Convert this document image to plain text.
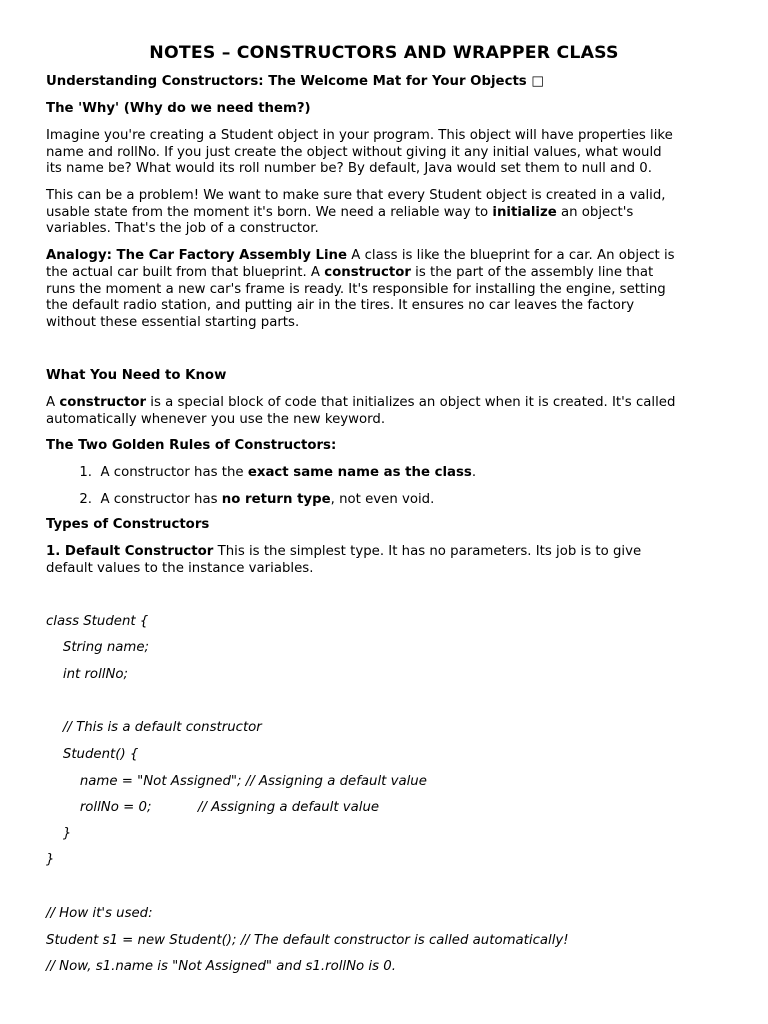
NOTES – CONSTRUCTORS AND WRAPPER CLASS
Understanding Constructors: The Welcome Mat for Your Objects □
The 'Why' (Why do we need them?)
Imagine you're creating a Student object in your program. This object will have properties like
name and rollNo. If you just create the object without giving it any initial values, what would
its name be? What would its roll number be? By default, Java would set them to null and 0.
This can be a problem! We want to make sure that every Student object is created in a valid,
usable state from the moment it's born. We need a reliable way to initialize an object's
variables. That's the job of a constructor.
Analogy: The Car Factory Assembly Line A class is like the blueprint for a car. An object is
the actual car built from that blueprint. A constructor is the part of the assembly line that
runs the moment a new car's frame is ready. It's responsible for installing the engine, setting
the default radio station, and putting air in the tires. It ensures no car leaves the factory
without these essential starting parts.
What You Need to Know
A constructor is a special block of code that initializes an object when it is created. It's called
automatically whenever you use the new keyword.
The Two Golden Rules of Constructors:
1. A constructor has the exact same name as the class.
2. A constructor has no return type, not even void.
Types of Constructors
1. Default Constructor This is the simplest type. It has no parameters. Its job is to give
default values to the instance variables.
class Student {
String name;
int rollNo;
// This is a default constructor
Student() {
name = "Not Assigned"; // Assigning a default value
rollNo = 0;           // Assigning a default value
}
}
// How it's used:
Student s1 = new Student(); // The default constructor is called automatically!
// Now, s1.name is "Not Assigned" and s1.rollNo is 0.
